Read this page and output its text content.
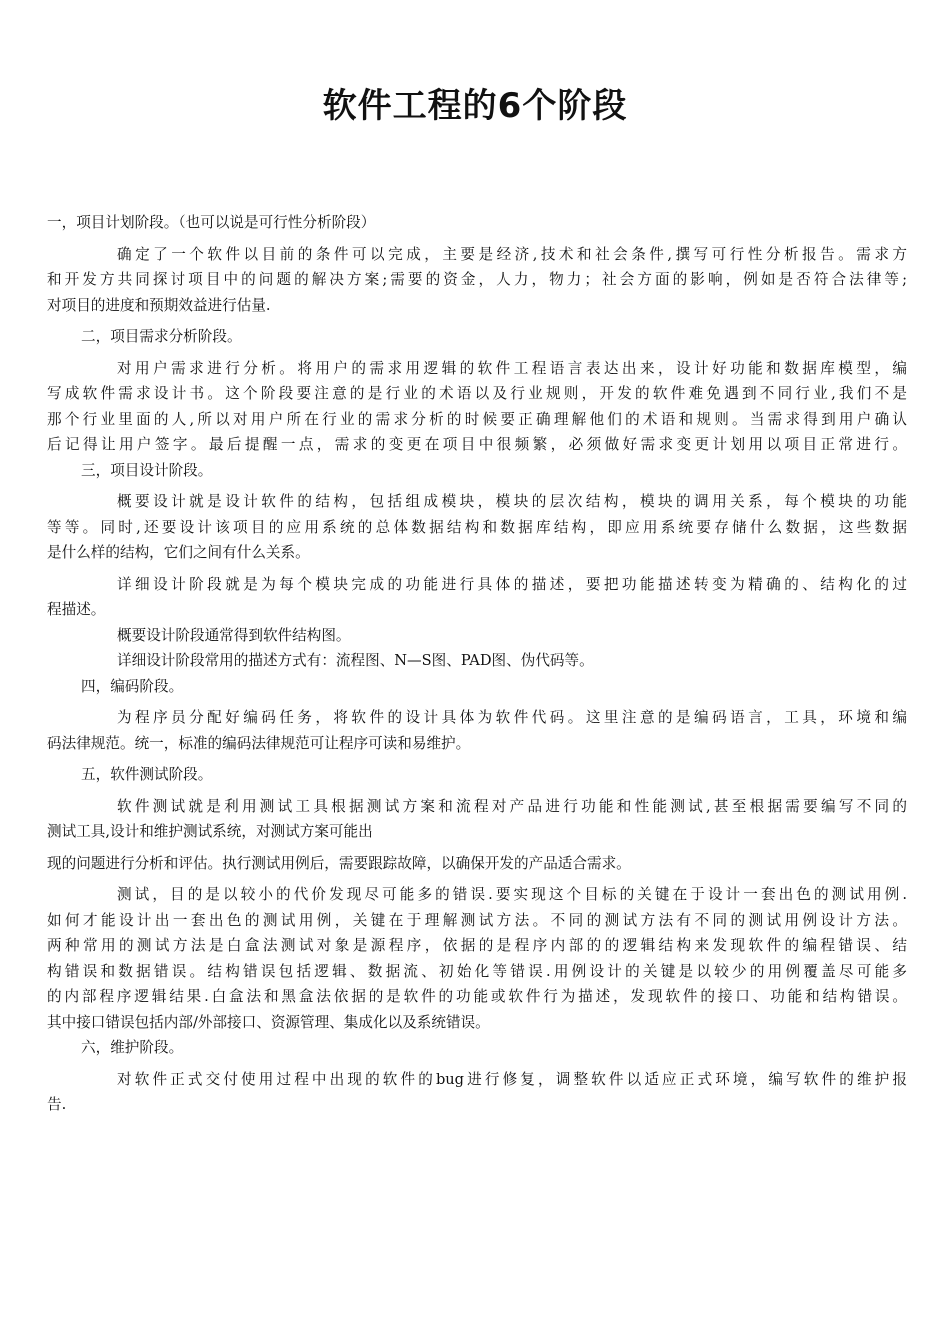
软件工程的6个阶段
一，项目计划阶段。（也可以说是可行性分析阶段）
确定了一个软件以目前的条件可以完成，主要是经济,技术和社会条件,撰写可行性分析报告。需求方
和开发方共同探讨项目中的问题的解决方案;需要的资金，人力，物力；社会方面的影响，例如是否符合法律等;
对项目的进度和预期效益进行估量.
二，项目需求分析阶段。
对用户需求进行分析。将用户的需求用逻辑的软件工程语言表达出来，设计好功能和数据库模型，编
写成软件需求设计书。这个阶段要注意的是行业的术语以及行业规则，开发的软件难免遇到不同行业,我们不是
那个行业里面的人,所以对用户所在行业的需求分析的时候要正确理解他们的术语和规则。当需求得到用户确认
后记得让用户签字。最后提醒一点，需求的变更在项目中很频繁，必须做好需求变更计划用以项目正常进行。
三，项目设计阶段。
概要设计就是设计软件的结构，包括组成模块，模块的层次结构，模块的调用关系，每个模块的功能
等等。同时,还要设计该项目的应用系统的总体数据结构和数据库结构，即应用系统要存储什么数据，这些数据
是什么样的结构，它们之间有什么关系。
详细设计阶段就是为每个模块完成的功能进行具体的描述，要把功能描述转变为精确的、结构化的过
程描述。
概要设计阶段通常得到软件结构图。
详细设计阶段常用的描述方式有：流程图、N—S图、PAD图、伪代码等。
四，编码阶段。
为程序员分配好编码任务，将软件的设计具体为软件代码。这里注意的是编码语言，工具，环境和编
码法律规范。统一，标准的编码法律规范可让程序可读和易维护。
五，软件测试阶段。
软件测试就是利用测试工具根据测试方案和流程对产品进行功能和性能测试,甚至根据需要编写不同的
测试工具,设计和维护测试系统，对测试方案可能出
现的问题进行分析和评估。执行测试用例后，需要跟踪故障，以确保开发的产品适合需求。
测试，目的是以较小的代价发现尽可能多的错误.要实现这个目标的关键在于设计一套出色的测试用例.
如何才能设计出一套出色的测试用例，关键在于理解测试方法。不同的测试方法有不同的测试用例设计方法。
两种常用的测试方法是白盒法测试对象是源程序，依据的是程序内部的的逻辑结构来发现软件的编程错误、结
构错误和数据错误。结构错误包括逻辑、数据流、初始化等错误.用例设计的关键是以较少的用例覆盖尽可能多
的内部程序逻辑结果.白盒法和黑盒法依据的是软件的功能或软件行为描述，发现软件的接口、功能和结构错误。
其中接口错误包括内部/外部接口、资源管理、集成化以及系统错误。
六，维护阶段。
对软件正式交付使用过程中出现的软件的bug进行修复，调整软件以适应正式环境，编写软件的维护报
告.
